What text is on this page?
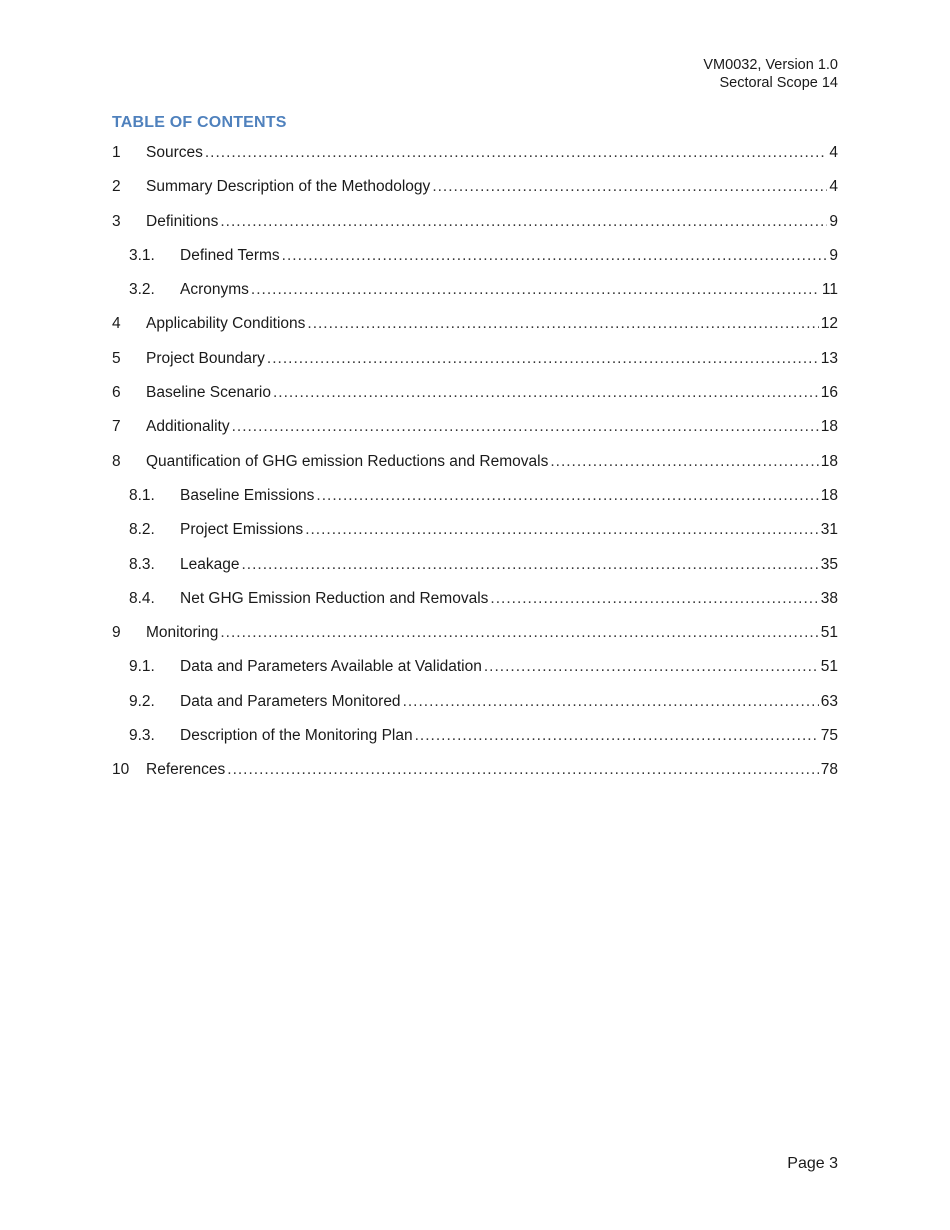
VM0032, Version 1.0
Sectoral Scope 14
TABLE OF CONTENTS
1	Sources .....	4
2	Summary Description of the Methodology .....	4
3	Definitions .....	9
3.1.	Defined Terms .....	9
3.2.	Acronyms .....	11
4	Applicability Conditions .....	12
5	Project Boundary .....	13
6	Baseline Scenario .....	16
7	Additionality .....	18
8	Quantification of GHG emission Reductions and Removals .....	18
8.1.	Baseline Emissions .....	18
8.2.	Project Emissions .....	31
8.3.	Leakage .....	35
8.4.	Net GHG Emission Reduction and Removals .....	38
9	Monitoring .....	51
9.1.	Data and Parameters Available at Validation .....	51
9.2.	Data and Parameters Monitored .....	63
9.3.	Description of the Monitoring Plan .....	75
10	References .....	78
Page 3
